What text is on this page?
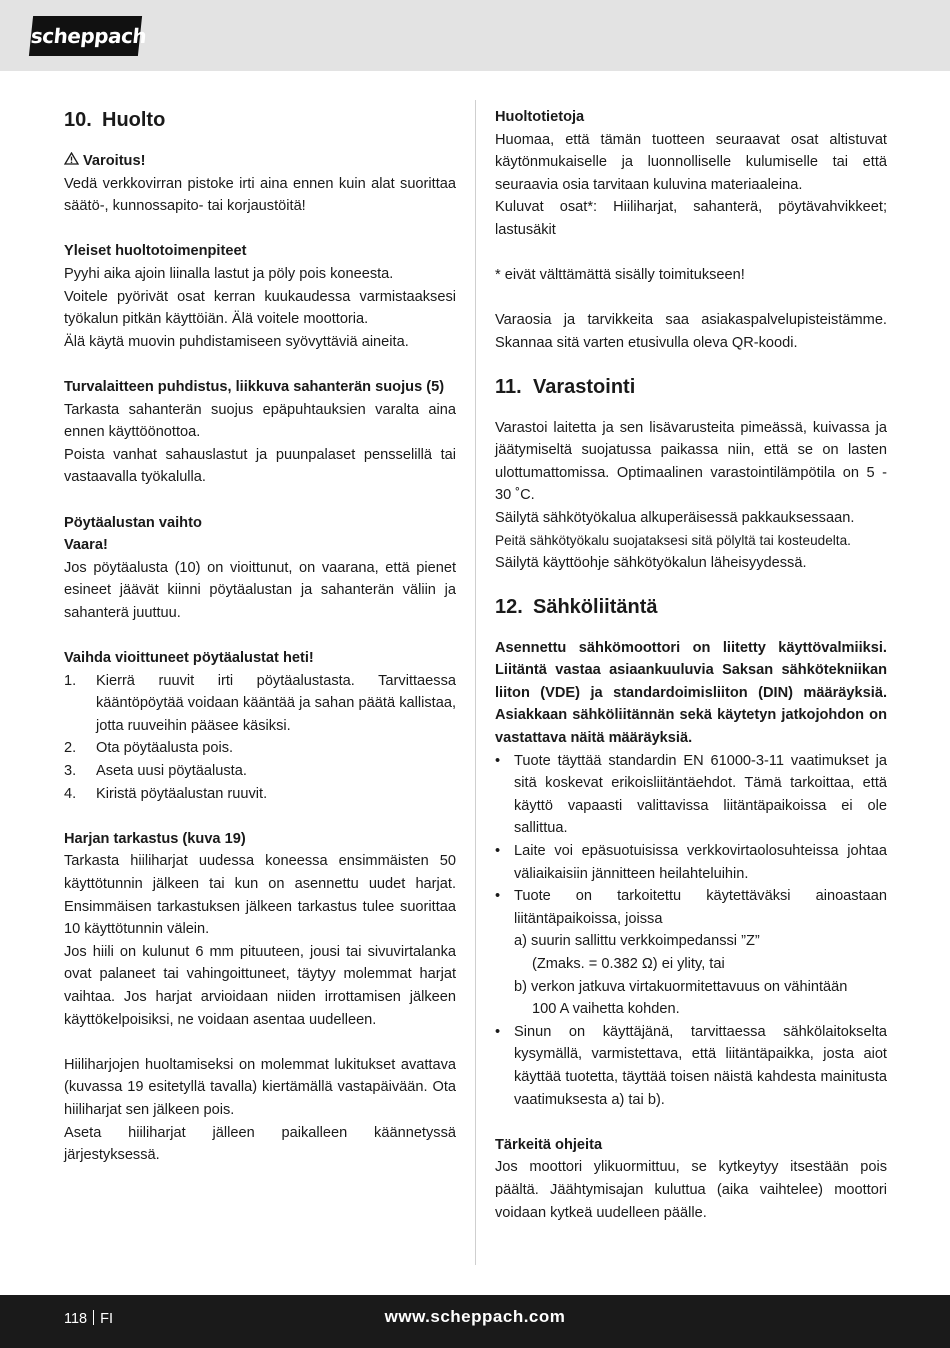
scheppach
10. Huolto

Varoitus!

Vedä verkkovirran pistoke irti aina ennen kuin alat suorittaa säätö-, kunnossapito- tai korjaustöitä!

Yleiset huoltotoimenpiteet

Pyyhi aika ajoin liinalla lastut ja pöly pois koneesta.

Voitele pyörivät osat kerran kuukaudessa varmistaaksesi työkalun pitkän käyttöiän. Älä voitele moottoria.

Älä käytä muovin puhdistamiseen syövyttäviä aineita.

Turvalaitteen puhdistus, liikkuva sahanterän suojus (5)

Tarkasta sahanterän suojus epäpuhtauksien varalta aina ennen käyttöönottoa.

Poista vanhat sahauslastut ja puunpalaset pensselillä tai vastaavalla työkalulla.

Pöytäalustan vaihto

Vaara!

Jos pöytäalusta (10) on vioittunut, on vaarana, että pienet esineet jäävät kiinni pöytäalustan ja sahanterän väliin ja sahanterä juuttuu.

Vaihda vioittuneet pöytäalustat heti!

1. Kierrä ruuvit irti pöytäalustasta. Tarvittaessa kääntöpöytää voidaan kääntää ja sahan päätä kallistaa, jotta ruuveihin pääsee käsiksi.
2. Ota pöytäalusta pois.
3. Aseta uusi pöytäalusta.
4. Kiristä pöytäalustan ruuvit.

Harjan tarkastus (kuva 19)

Tarkasta hiiliharjat uudessa koneessa ensimmäisten 50 käyttötunnin jälkeen tai kun on asennettu uudet harjat. Ensimmäisen tarkastuksen jälkeen tarkastus tulee suorittaa 10 käyttötunnin välein.

Jos hiili on kulunut 6 mm pituuteen, jousi tai sivuvirtalanka ovat palaneet tai vahingoittuneet, täytyy molemmat harjat vaihtaa. Jos harjat arvioidaan niiden irrottamisen jälkeen käyttökelpoisiksi, ne voidaan asentaa uudelleen.

Hiiliharjojen huoltamiseksi on molemmat lukitukset avattava (kuvassa 19 esitetyllä tavalla) kiertämällä vastapäivään. Ota hiiliharjat sen jälkeen pois.

Aseta hiiliharjat jälleen paikalleen käännetyssä järjestyksessä.

Huoltotietoja

Huomaa, että tämän tuotteen seuraavat osat altistuvat käytönmukaiselle ja luonnolliselle kulumiselle tai että seuraavia osia tarvitaan kuluvina materiaaleina.

Kuluvat osat*: Hiiliharjat, sahanterä, pöytävahvikkeet; lastusäkit

* eivät välttämättä sisälly toimitukseen!

Varaosia ja tarvikkeita saa asiakaspalvelupisteistämme. Skannaa sitä varten etusivulla oleva QR-koodi.

11. Varastointi

Varastoi laitetta ja sen lisävarusteita pimeässä, kuivassa ja jäätymiseltä suojatussa paikassa niin, että se on lasten ulottumattomissa. Optimaalinen varastointilämpötila on 5 - 30 ˚C.

Säilytä sähkötyökalua alkuperäisessä pakkauksessaan.

Peitä sähkötyökalu suojataksesi sitä pölyltä tai kosteudelta.

Säilytä käyttöohje sähkötyökalun läheisyydessä.

12. Sähköliitäntä

Asennettu sähkömoottori on liitetty käyttövalmiiksi. Liitäntä vastaa asiaankuuluvia Saksan sähkötekniikan liiton (VDE) ja standardoimisliiton (DIN) määräyksiä. Asiakkaan sähköliitännän sekä käytetyn jatkojohdon on vastattava näitä määräyksiä.

• Tuote täyttää standardin EN 61000-3-11 vaatimukset ja sitä koskevat erikoisliitäntäehdot. Tämä tarkoittaa, että käyttö vapaasti valittavissa liitäntäpaikoissa ei ole sallittua.
• Laite voi epäsuotuisissa verkkovirtaolosuhteissa johtaa väliaikaisiin jännitteen heilahteluihin.
• Tuote on tarkoitettu käytettäväksi ainoastaan liitäntäpaikoissa, joissa
a) suurin sallittu verkkoimpedanssi ”Z”
(Zmaks. = 0.382 Ω) ei ylity, tai
b) verkon jatkuva virtakuormitettavuus on vähintään
100 A vaihetta kohden.
• Sinun on käyttäjänä, tarvittaessa sähkölaitokselta kysymällä, varmistettava, että liitäntäpaikka, josta aiot käyttää tuotetta, täyttää toisen näistä kahdesta mainitusta vaatimuksesta a) tai b).

Tärkeitä ohjeita

Jos moottori ylikuormittuu, se kytkeytyy itsestään pois päältä. Jäähtymisajan kuluttua (aika vaihtelee) moottori voidaan kytkeä uudelleen päälle.

118 FI	www.scheppach.com
